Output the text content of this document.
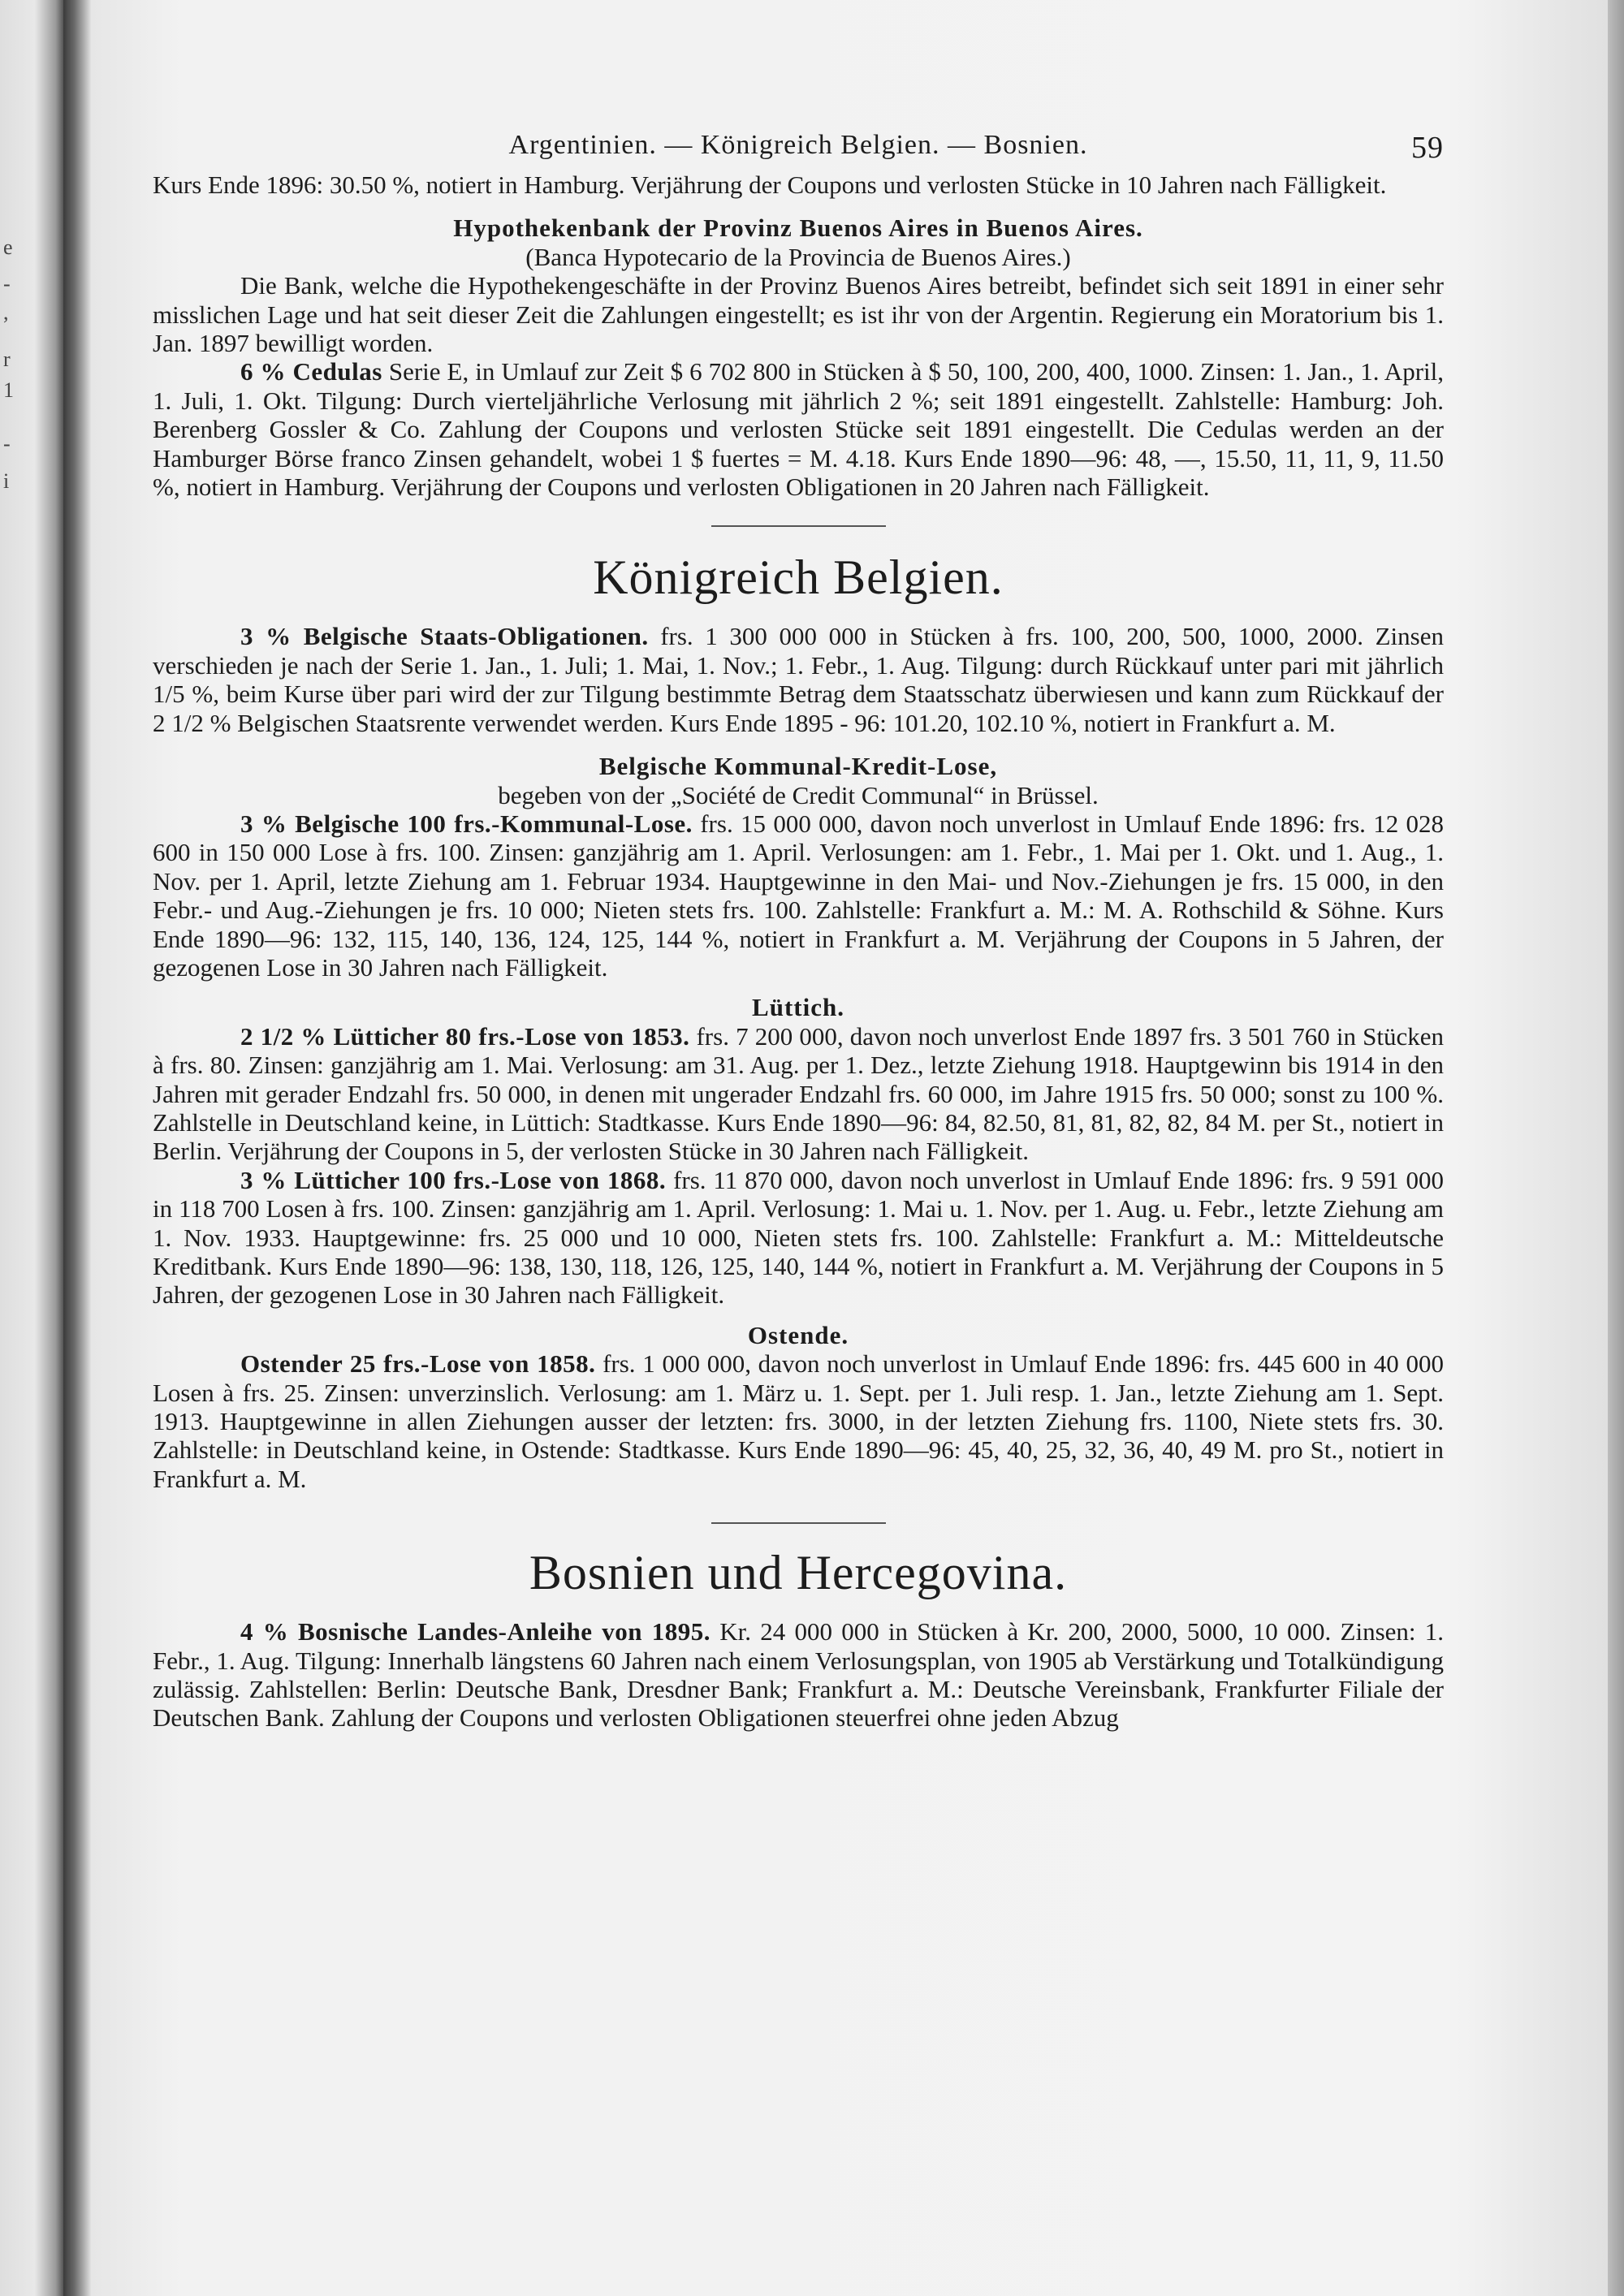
e
-
,
r
1
-
i
Argentinien. — Königreich Belgien. — Bosnien.	59

Kurs Ende 1896: 30.50 %, notiert in Hamburg. Verjährung der Coupons und verlosten Stücke in 10 Jahren nach Fälligkeit.

Hypothekenbank der Provinz Buenos Aires in Buenos Aires.
(Banca Hypotecario de la Provincia de Buenos Aires.)

Die Bank, welche die Hypothekengeschäfte in der Provinz Buenos Aires betreibt, befindet sich seit 1891 in einer sehr misslichen Lage und hat seit dieser Zeit die Zahlungen eingestellt; es ist ihr von der Argentin. Regierung ein Moratorium bis 1. Jan. 1897 bewilligt worden.

6 % Cedulas Serie E, in Umlauf zur Zeit $ 6 702 800 in Stücken à $ 50, 100, 200, 400, 1000. Zinsen: 1. Jan., 1. April, 1. Juli, 1. Okt. Tilgung: Durch vierteljährliche Verlosung mit jährlich 2 %; seit 1891 eingestellt. Zahlstelle: Hamburg: Joh. Berenberg Gossler & Co. Zahlung der Coupons und verlosten Stücke seit 1891 eingestellt. Die Cedulas werden an der Hamburger Börse franco Zinsen gehandelt, wobei 1 $ fuertes = M. 4.18. Kurs Ende 1890—96: 48, —, 15.50, 11, 11, 9, 11.50 %, notiert in Hamburg. Verjährung der Coupons und verlosten Obligationen in 20 Jahren nach Fälligkeit.

Königreich Belgien.

3 % Belgische Staats-Obligationen. frs. 1 300 000 000 in Stücken à frs. 100, 200, 500, 1000, 2000. Zinsen verschieden je nach der Serie 1. Jan., 1. Juli; 1. Mai, 1. Nov.; 1. Febr., 1. Aug. Tilgung: durch Rückkauf unter pari mit jährlich 1/5 %, beim Kurse über pari wird der zur Tilgung bestimmte Betrag dem Staatsschatz überwiesen und kann zum Rückkauf der 2 1/2 % Belgischen Staatsrente verwendet werden. Kurs Ende 1895 - 96: 101.20, 102.10 %, notiert in Frankfurt a. M.

Belgische Kommunal-Kredit-Lose,
begeben von der „Société de Credit Communal“ in Brüssel.

3 % Belgische 100 frs.-Kommunal-Lose. frs. 15 000 000, davon noch unverlost in Umlauf Ende 1896: frs. 12 028 600 in 150 000 Lose à frs. 100. Zinsen: ganzjährig am 1. April. Verlosungen: am 1. Febr., 1. Mai per 1. Okt. und 1. Aug., 1. Nov. per 1. April, letzte Ziehung am 1. Februar 1934. Hauptgewinne in den Mai- und Nov.-Ziehungen je frs. 15 000, in den Febr.- und Aug.-Ziehungen je frs. 10 000; Nieten stets frs. 100. Zahlstelle: Frankfurt a. M.: M. A. Rothschild & Söhne. Kurs Ende 1890—96: 132, 115, 140, 136, 124, 125, 144 %, notiert in Frankfurt a. M. Verjährung der Coupons in 5 Jahren, der gezogenen Lose in 30 Jahren nach Fälligkeit.

Lüttich.

2 1/2 % Lütticher 80 frs.-Lose von 1853. frs. 7 200 000, davon noch unverlost Ende 1897 frs. 3 501 760 in Stücken à frs. 80. Zinsen: ganzjährig am 1. Mai. Verlosung: am 31. Aug. per 1. Dez., letzte Ziehung 1918. Hauptgewinn bis 1914 in den Jahren mit gerader Endzahl frs. 50 000, in denen mit ungerader Endzahl frs. 60 000, im Jahre 1915 frs. 50 000; sonst zu 100 %. Zahlstelle in Deutschland keine, in Lüttich: Stadtkasse. Kurs Ende 1890—96: 84, 82.50, 81, 81, 82, 82, 84 M. per St., notiert in Berlin. Verjährung der Coupons in 5, der verlosten Stücke in 30 Jahren nach Fälligkeit.

3 % Lütticher 100 frs.-Lose von 1868. frs. 11 870 000, davon noch unverlost in Umlauf Ende 1896: frs. 9 591 000 in 118 700 Losen à frs. 100. Zinsen: ganzjährig am 1. April. Verlosung: 1. Mai u. 1. Nov. per 1. Aug. u. Febr., letzte Ziehung am 1. Nov. 1933. Hauptgewinne: frs. 25 000 und 10 000, Nieten stets frs. 100. Zahlstelle: Frankfurt a. M.: Mitteldeutsche Kreditbank. Kurs Ende 1890—96: 138, 130, 118, 126, 125, 140, 144 %, notiert in Frankfurt a. M. Verjährung der Coupons in 5 Jahren, der gezogenen Lose in 30 Jahren nach Fälligkeit.

Ostende.

Ostender 25 frs.-Lose von 1858. frs. 1 000 000, davon noch unverlost in Umlauf Ende 1896: frs. 445 600 in 40 000 Losen à frs. 25. Zinsen: unverzinslich. Verlosung: am 1. März u. 1. Sept. per 1. Juli resp. 1. Jan., letzte Ziehung am 1. Sept. 1913. Hauptgewinne in allen Ziehungen ausser der letzten: frs. 3000, in der letzten Ziehung frs. 1100, Niete stets frs. 30. Zahlstelle: in Deutschland keine, in Ostende: Stadtkasse. Kurs Ende 1890—96: 45, 40, 25, 32, 36, 40, 49 M. pro St., notiert in Frankfurt a. M.

Bosnien und Hercegovina.

4 % Bosnische Landes-Anleihe von 1895. Kr. 24 000 000 in Stücken à Kr. 200, 2000, 5000, 10 000. Zinsen: 1. Febr., 1. Aug. Tilgung: Innerhalb längstens 60 Jahren nach einem Verlosungsplan, von 1905 ab Verstärkung und Totalkündigung zulässig. Zahlstellen: Berlin: Deutsche Bank, Dresdner Bank; Frankfurt a. M.: Deutsche Vereinsbank, Frankfurter Filiale der Deutschen Bank. Zahlung der Coupons und verlosten Obligationen steuerfrei ohne jeden Abzug
